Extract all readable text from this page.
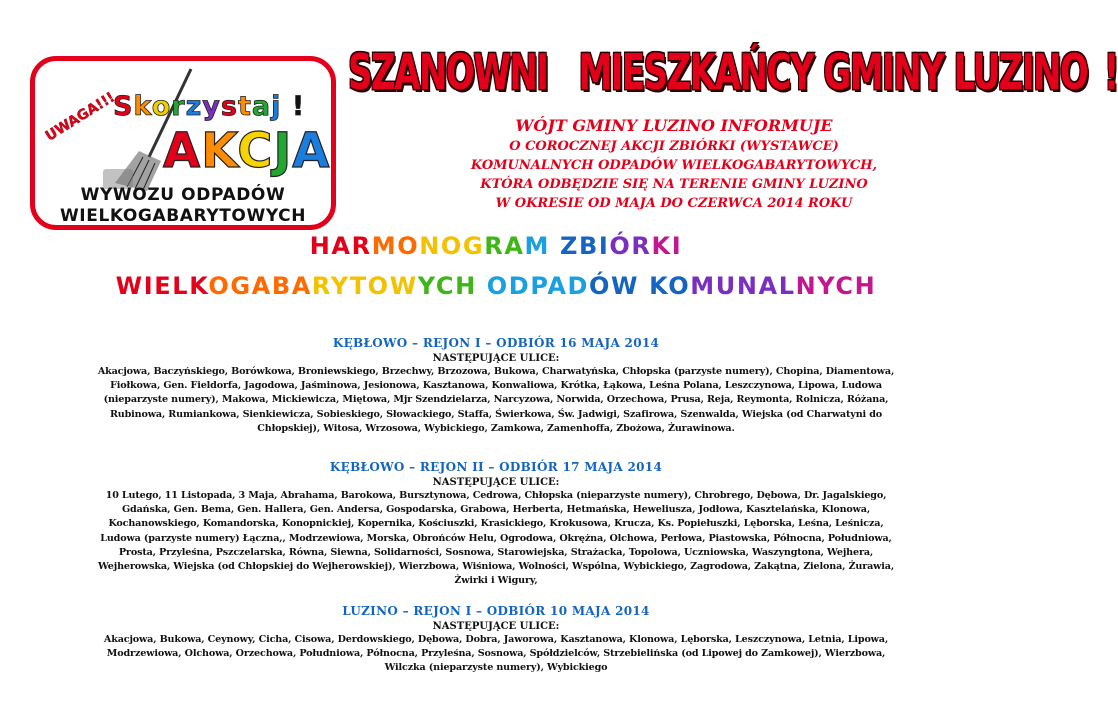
UWAGA!!!
Skorzystaj !
AKCJA
WYWOZU ODPADÓW
WIELKOGABARYTOWYCH
SZANOWNI MIESZKAŃCY GMINY LUZINO !
WÓJT GMINY LUZINO INFORMUJE
O COROCZNEJ AKCJI ZBIÓRKI (WYSTAWCE)
KOMUNALNYCH ODPADÓW WIELKOGABARYTOWYCH,
KTÓRA ODBĘDZIE SIĘ NA TERENIE GMINY LUZINO
W OKRESIE OD MAJA DO CZERWCA 2014 ROKU
HARMONOGRAM ZBIÓRKI
WIELKOGABARYTOWYCH ODPADÓW KOMUNALNYCH
KĘBŁOWO – REJON I – ODBIÓR 16 MAJA 2014
NASTĘPUJĄCE ULICE:
Akacjowa, Baczyńskiego, Borówkowa, Broniewskiego, Brzechwy, Brzozowa, Bukowa, Charwatyńska, Chłopska (parzyste numery), Chopina, Diamentowa,
Fiołkowa, Gen. Fieldorfa, Jagodowa, Jaśminowa, Jesionowa, Kasztanowa, Konwaliowa, Krótka, Łąkowa, Leśna Polana, Leszczynowa, Lipowa, Ludowa
(nieparzyste numery), Makowa, Mickiewicza, Miętowa, Mjr Szendzielarza, Narcyzowa, Norwida, Orzechowa, Prusa, Reja, Reymonta, Rolnicza, Różana,
Rubinowa, Rumiankowa, Sienkiewicza, Sobieskiego, Słowackiego, Staffa, Świerkowa, Św. Jadwigi, Szafirowa, Szenwalda, Wiejska (od Charwatyni do
Chłopskiej), Witosa, Wrzosowa, Wybickiego, Zamkowa, Zamenhoffa, Zbożowa, Żurawinowa.
KĘBŁOWO – REJON II – ODBIÓR 17 MAJA 2014
NASTĘPUJĄCE ULICE:
10 Lutego, 11 Listopada, 3 Maja, Abrahama, Barokowa, Bursztynowa, Cedrowa, Chłopska (nieparzyste numery), Chrobrego, Dębowa, Dr. Jagalskiego,
Gdańska, Gen. Bema, Gen. Hallera, Gen. Andersa, Gospodarska, Grabowa, Herberta, Hetmańska, Heweliusza, Jodłowa, Kasztelańska, Klonowa,
Kochanowskiego, Komandorska, Konopnickiej, Kopernika, Kościuszki, Krasickiego, Krokusowa, Krucza, Ks. Popiełuszki, Lęborska, Leśna, Leśnicza,
Ludowa (parzyste numery) Łączna,, Modrzewiowa, Morska, Obrońców Helu, Ogrodowa, Okrężna, Olchowa, Perłowa, Piastowska, Północna, Południowa,
Prosta, Przyleśna, Pszczelarska, Równa, Siewna, Solidarności, Sosnowa, Starowiejska, Strażacka, Topolowa, Uczniowska, Waszyngtona, Wejhera,
Wejherowska, Wiejska (od Chłopskiej do Wejherowskiej), Wierzbowa, Wiśniowa, Wolności, Wspólna, Wybickiego, Zagrodowa, Zakątna, Zielona, Żurawia,
Żwirki i Wigury,
LUZINO – REJON I – ODBIÓR 10 MAJA 2014
NASTĘPUJĄCE ULICE:
Akacjowa, Bukowa, Ceynowy, Cicha, Cisowa, Derdowskiego, Dębowa, Dobra, Jaworowa, Kasztanowa, Klonowa, Lęborska, Leszczynowa, Letnia, Lipowa,
Modrzewiowa, Olchowa, Orzechowa, Południowa, Północna, Przyleśna, Sosnowa, Spółdzielców, Strzebielińska (od Lipowej do Zamkowej), Wierzbowa,
Wilczka (nieparzyste numery), Wybickiego
